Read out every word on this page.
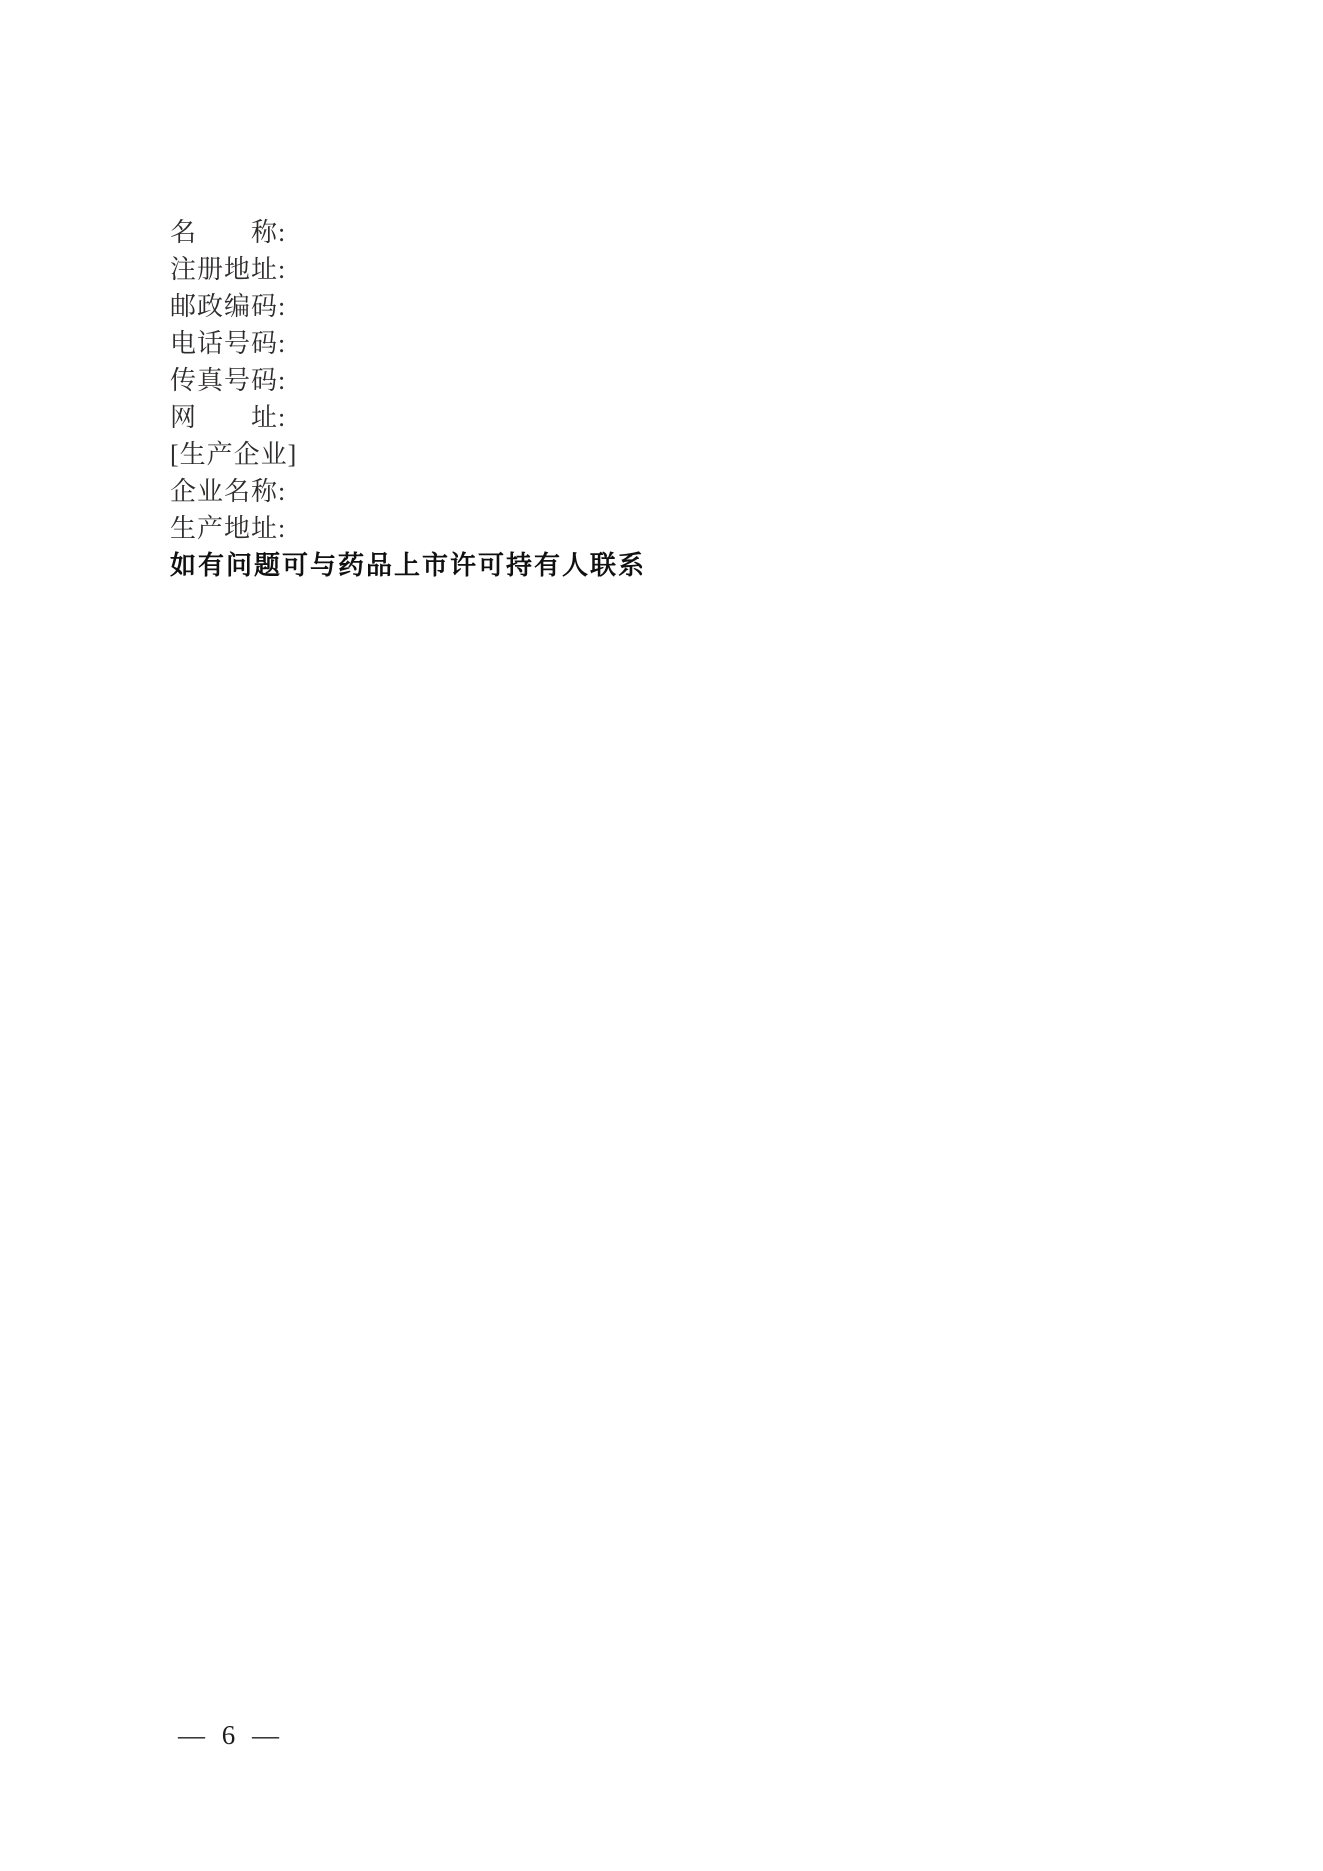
名　　称:

注册地址:

邮政编码:

电话号码:

传真号码:

网　　址:

[生产企业]

企业名称:

生产地址:

如有问题可与药品上市许可持有人联系

— 6 —
